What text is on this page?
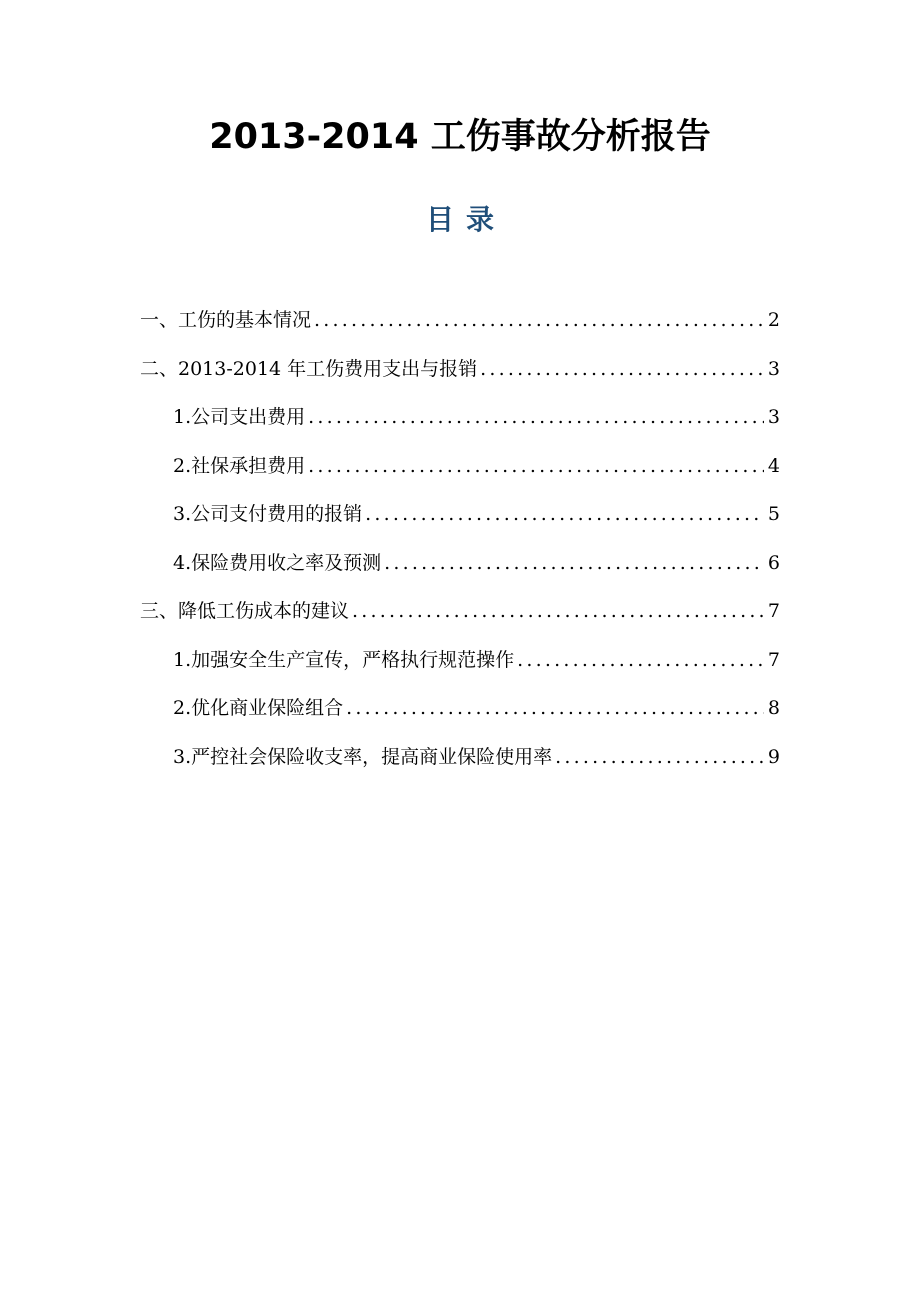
2013-2014 工伤事故分析报告
目录
一、工伤的基本情况 .....	2
二、2013-2014 年工伤费用支出与报销 .....	3
1.公司支出费用 .....	3
2.社保承担费用 .....	4
3.公司支付费用的报销 .....	5
4.保险费用收之率及预测 .....	6
三、降低工伤成本的建议 .....	7
1.加强安全生产宣传，严格执行规范操作 .....	7
2.优化商业保险组合 .....	8
3.严控社会保险收支率，提高商业保险使用率 .....	9
